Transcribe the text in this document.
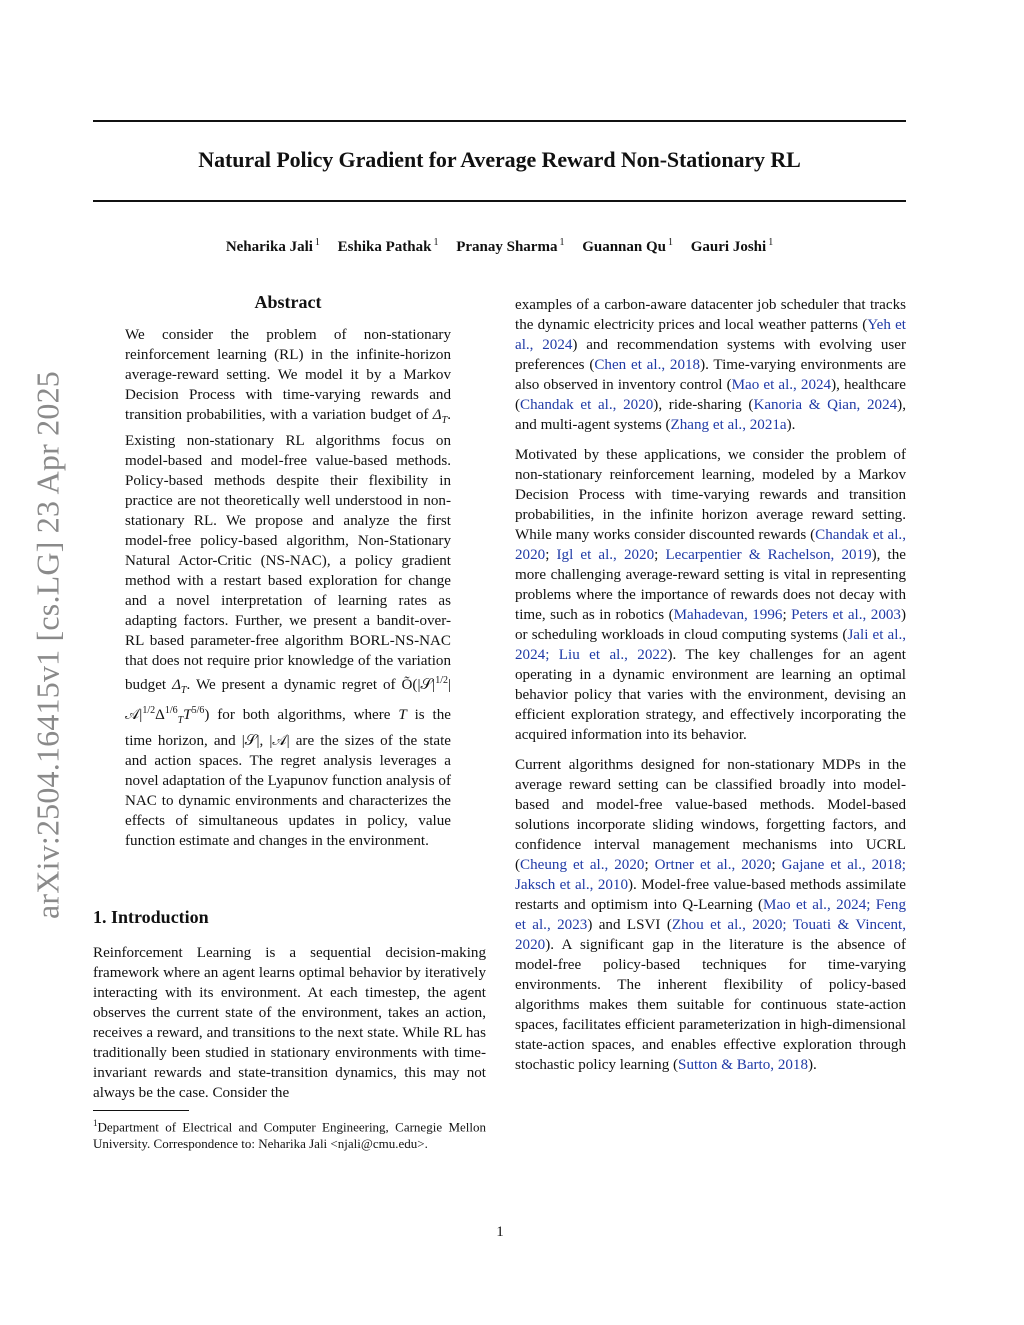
Natural Policy Gradient for Average Reward Non-Stationary RL
Neharika Jali $^1$ Eshika Pathak $^1$ Pranay Sharma $^1$ Guannan Qu $^1$ Gauri Joshi $^1$
arXiv:2504.16415v1 [cs.LG] 23 Apr 2025
Abstract
We consider the problem of non-stationary reinforcement learning (RL) in the infinite-horizon average-reward setting. We model it by a Markov Decision Process with time-varying rewards and transition probabilities, with a variation budget of $\Delta_T$. Existing non-stationary RL algorithms focus on model-based and model-free value-based methods. Policy-based methods despite their flexibility in practice are not theoretically well understood in non-stationary RL. We propose and analyze the first model-free policy-based algorithm, Non-Stationary Natural Actor-Critic (NS-NAC), a policy gradient method with a restart based exploration for change and a novel interpretation of learning rates as adapting factors. Further, we present a bandit-over-RL based parameter-free algorithm BORL-NS-NAC that does not require prior knowledge of the variation budget $\Delta_T$. We present a dynamic regret of $Õ(|𝒮|^{1/2}|𝒜|^{1/2}\Delta^{1/6}_TT^{5/6})$ for both algorithms, where T is the time horizon, and |𝒮|, |𝒜| are the sizes of the state and action spaces. The regret analysis leverages a novel adaptation of the Lyapunov function analysis of NAC to dynamic environments and characterizes the effects of simultaneous updates in policy, value function estimate and changes in the environment.
1. Introduction
Reinforcement Learning is a sequential decision-making framework where an agent learns optimal behavior by iteratively interacting with its environment. At each timestep, the agent observes the current state of the environment, takes an action, receives a reward, and transitions to the next state. While RL has traditionally been studied in stationary environments with time-invariant rewards and state-transition dynamics, this may not always be the case. Consider the
$^1$Department of Electrical and Computer Engineering, Carnegie Mellon University. Correspondence to: Neharika Jali <njali@cmu.edu>.

examples of a carbon-aware datacenter job scheduler that tracks the dynamic electricity prices and local weather patterns (Yeh et al., 2024) and recommendation systems with evolving user preferences (Chen et al., 2018). Time-varying environments are also observed in inventory control (Mao et al., 2024), healthcare (Chandak et al., 2020), ride-sharing (Kanoria & Qian, 2024), and multi-agent systems (Zhang et al., 2021a).

Motivated by these applications, we consider the problem of non-stationary reinforcement learning, modeled by a Markov Decision Process with time-varying rewards and transition probabilities, in the infinite horizon average reward setting. While many works consider discounted rewards (Chandak et al., 2020; Igl et al., 2020; Lecarpentier & Rachelson, 2019), the more challenging average-reward setting is vital in representing problems where the importance of rewards does not decay with time, such as in robotics (Mahadevan, 1996; Peters et al., 2003) or scheduling workloads in cloud computing systems (Jali et al., 2024; Liu et al., 2022). The key challenges for an agent operating in a dynamic environment are learning an optimal behavior policy that varies with the environment, devising an efficient exploration strategy, and effectively incorporating the acquired information into its behavior.

Current algorithms designed for non-stationary MDPs in the average reward setting can be classified broadly into model-based and model-free value-based methods. Model-based solutions incorporate sliding windows, forgetting factors, and confidence interval management mechanisms into UCRL (Cheung et al., 2020; Ortner et al., 2020; Gajane et al., 2018; Jaksch et al., 2010). Model-free value-based methods assimilate restarts and optimism into Q-Learning (Mao et al., 2024; Feng et al., 2023) and LSVI (Zhou et al., 2020; Touati & Vincent, 2020). A significant gap in the literature is the absence of model-free policy-based techniques for time-varying environments. The inherent flexibility of policy-based algorithms makes them suitable for continuous state-action spaces, facilitates efficient parameterization in high-dimensional state-action spaces, and enables effective exploration through stochastic policy learning (Sutton & Barto, 2018).

1
